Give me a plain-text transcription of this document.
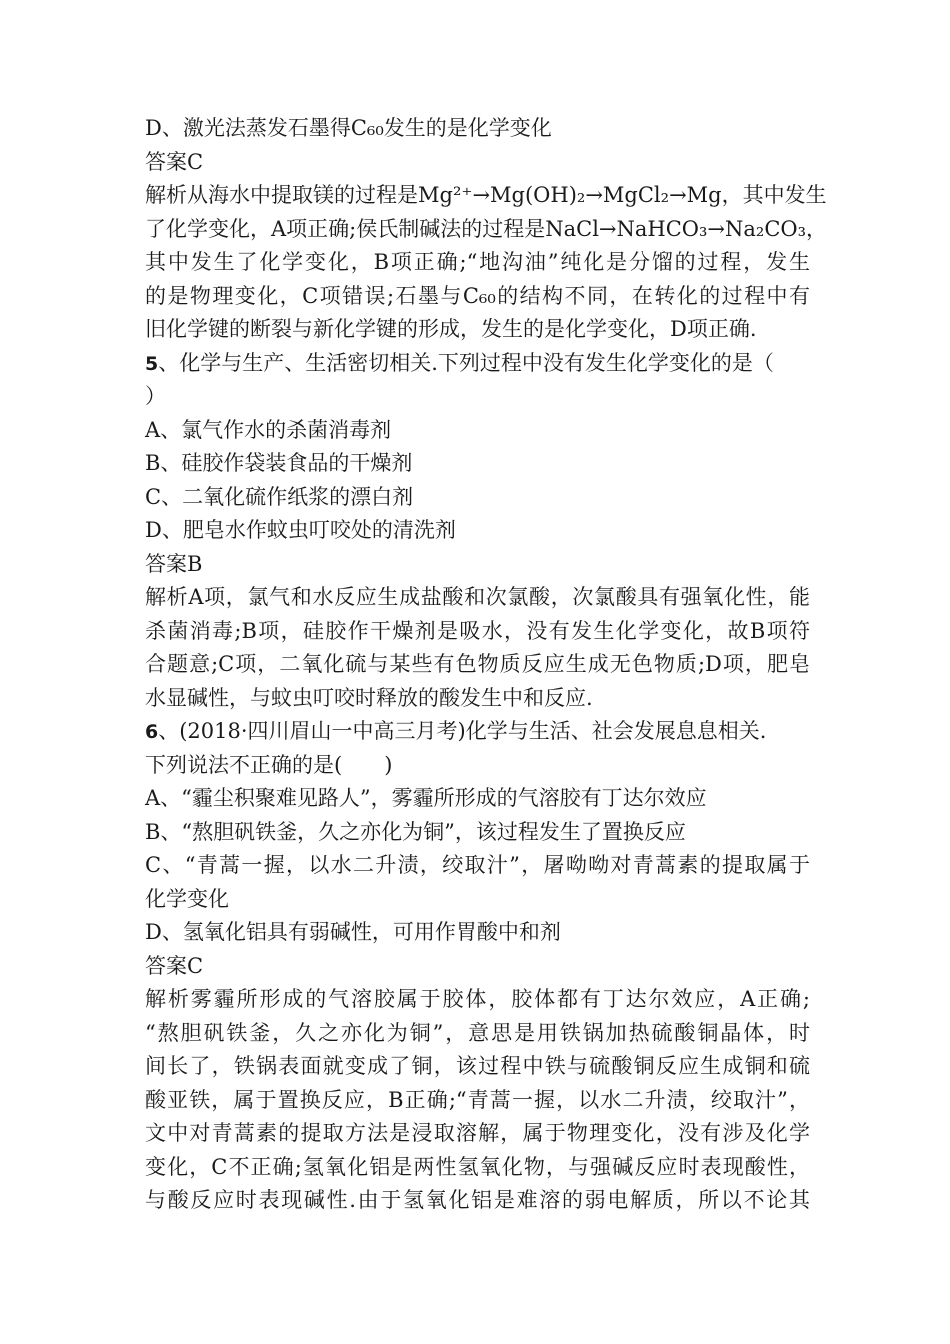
D、激光法蒸发石墨得C₆₀发生的是化学变化
答案C
解析从海水中提取镁的过程是Mg²⁺→Mg(OH)₂→MgCl₂→Mg，其中发生
了化学变化，A项正确;侯氏制碱法的过程是NaCl→NaHCO₃→Na₂CO₃，
其中发生了化学变化，B项正确;“地沟油”纯化是分馏的过程，发生
的是物理变化，C项错误;石墨与C₆₀的结构不同，在转化的过程中有
旧化学键的断裂与新化学键的形成，发生的是化学变化，D项正确.
5、化学与生产、生活密切相关.下列过程中没有发生化学变化的是（
）
A、氯气作水的杀菌消毒剂
B、硅胶作袋装食品的干燥剂
C、二氧化硫作纸浆的漂白剂
D、肥皂水作蚊虫叮咬处的清洗剂
答案B
解析A项，氯气和水反应生成盐酸和次氯酸，次氯酸具有强氧化性，能
杀菌消毒;B项，硅胶作干燥剂是吸水，没有发生化学变化，故B项符
合题意;C项，二氧化硫与某些有色物质反应生成无色物质;D项，肥皂
水显碱性，与蚊虫叮咬时释放的酸发生中和反应.
6、(2018·四川眉山一中高三月考)化学与生活、社会发展息息相关.
下列说法不正确的是(　　)
A、“霾尘积聚难见路人”，雾霾所形成的气溶胶有丁达尔效应
B、“熬胆矾铁釜，久之亦化为铜”，该过程发生了置换反应
C、“青蒿一握，以水二升渍，绞取汁”，屠呦呦对青蒿素的提取属于
化学变化
D、氢氧化铝具有弱碱性，可用作胃酸中和剂
答案C
解析雾霾所形成的气溶胶属于胶体，胶体都有丁达尔效应，A正确;
“熬胆矾铁釜，久之亦化为铜”，意思是用铁锅加热硫酸铜晶体，时
间长了，铁锅表面就变成了铜，该过程中铁与硫酸铜反应生成铜和硫
酸亚铁，属于置换反应，B正确;“青蒿一握，以水二升渍，绞取汁”，
文中对青蒿素的提取方法是浸取溶解，属于物理变化，没有涉及化学
变化，C不正确;氢氧化铝是两性氢氧化物，与强碱反应时表现酸性，
与酸反应时表现碱性.由于氢氧化铝是难溶的弱电解质，所以不论其
